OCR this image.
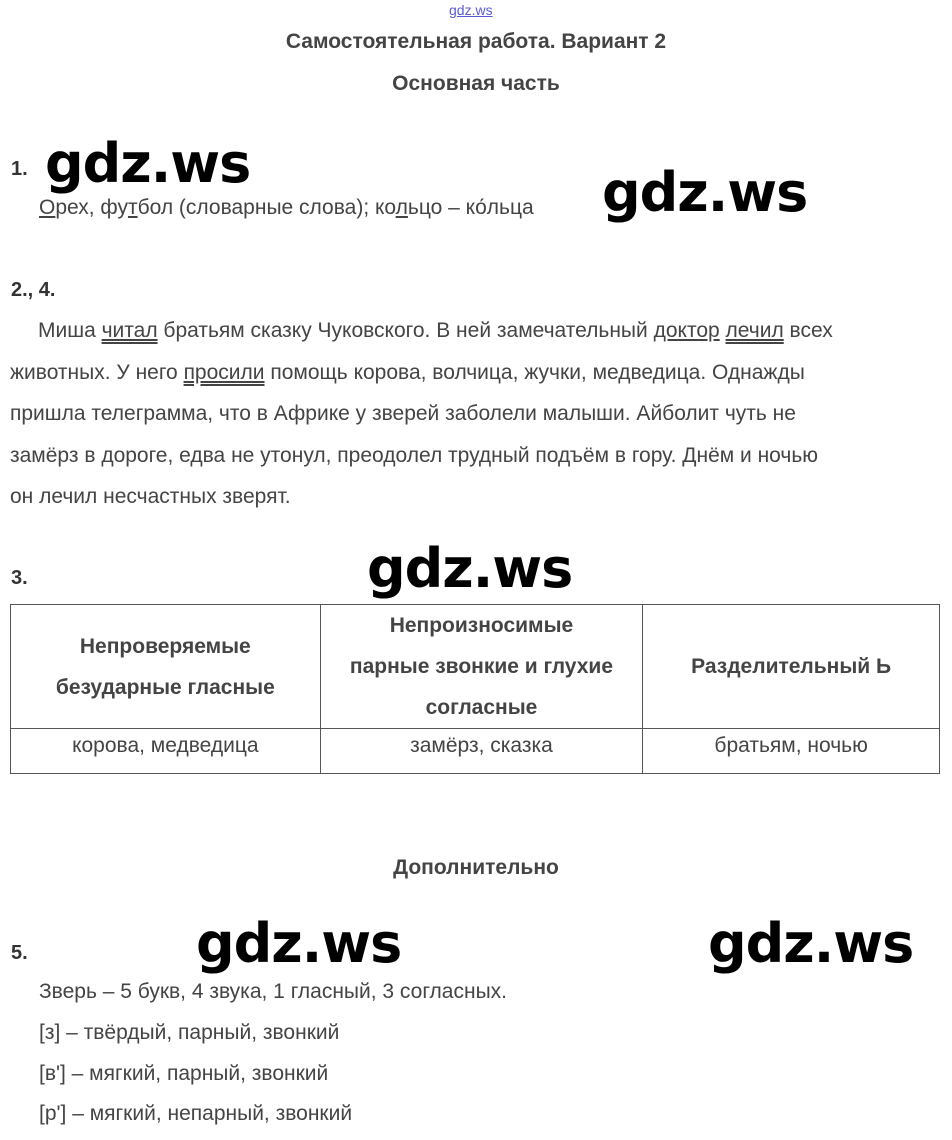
gdz.ws
Самостоятельная работа. Вариант 2
Основная часть
1. gdz.ws
Орех, футбол (словарные слова); кольцо – ко́льца gdz.ws
2., 4.

Миша читал братьям сказку Чуковского. В ней замечательный доктор лечил всех

животных. У него просили помощь корова, волчица, жучки, медведица. Однажды

пришла телеграмма, что в Африке у зверей заболели малыши. Айболит чуть не

замёрз в дороге, едва не утонул, преодолел трудный подъём в гору. Днём и ночью

он лечил несчастных зверят.

3.	gdz.ws
Непроверяемые
безударные гласные	Непроизносимые
парные звонкие и глухие
согласные	Разделительный Ь
корова, медведица	замёрз, сказка	братьям, ночью
Дополнительно
5.	gdz.ws	gdz.ws
Зверь – 5 букв, 4 звука, 1 гласный, 3 согласных.
[з] – твёрдый, парный, звонкий
[в'] – мягкий, парный, звонкий
[р'] – мягкий, непарный, звонкий
